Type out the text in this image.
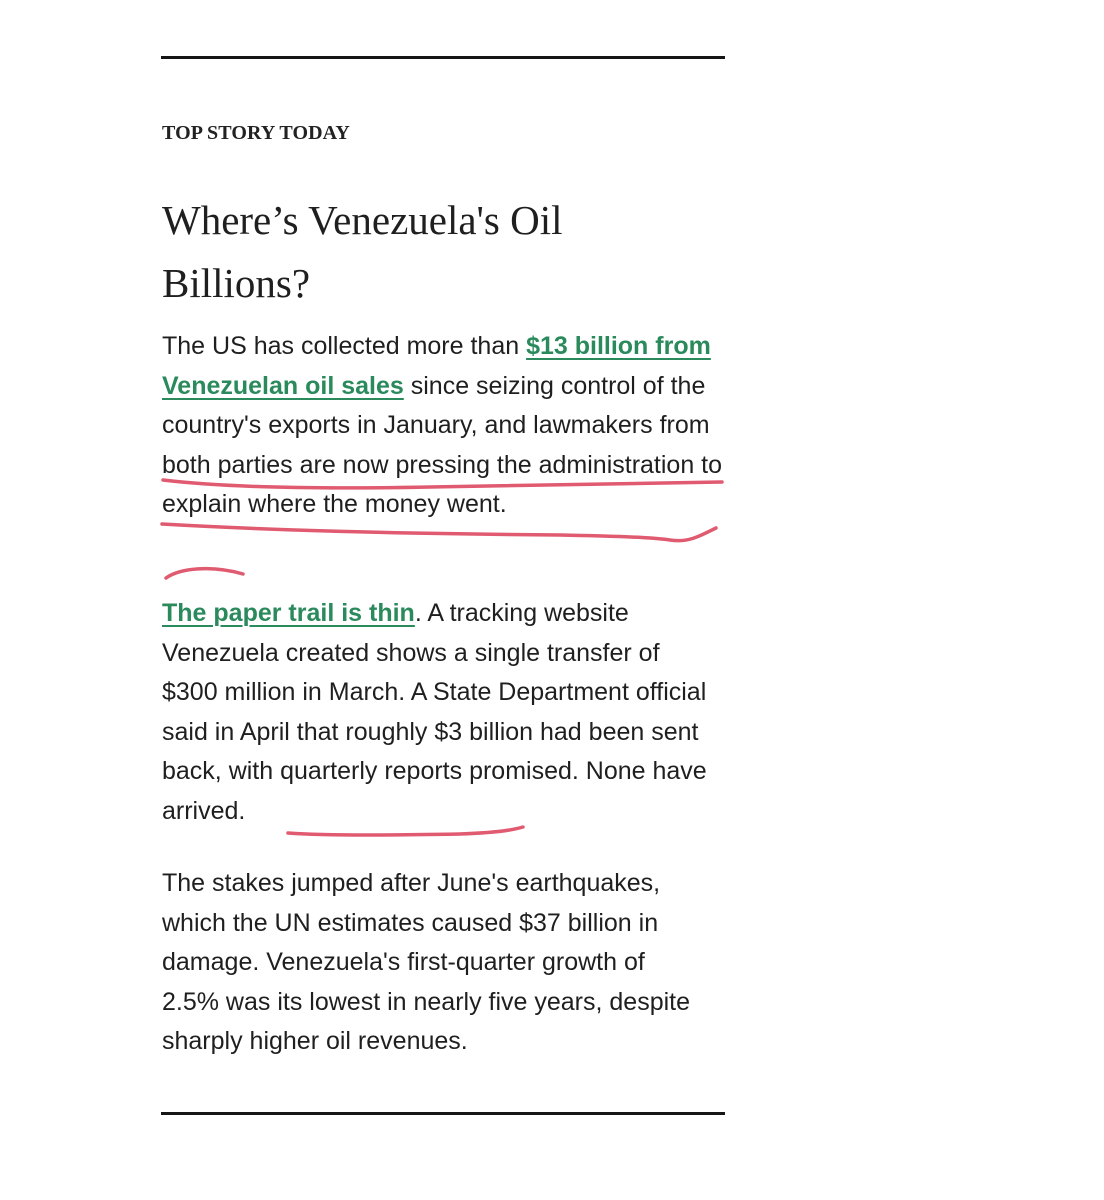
TOP STORY TODAY
Where’s Venezuela's Oil Billions?

The US has collected more than $13 billion from Venezuelan oil sales since seizing control of the country's exports in January, and lawmakers from both parties are now pressing the administration to explain where the money went.

The paper trail is thin. A tracking website Venezuela created shows a single transfer of $300 million in March. A State Department official said in April that roughly $3 billion had been sent back, with quarterly reports promised. None have arrived.

The stakes jumped after June's earthquakes, which the UN estimates caused $37 billion in damage. Venezuela's first-quarter growth of 2.5% was its lowest in nearly five years, despite sharply higher oil revenues.
